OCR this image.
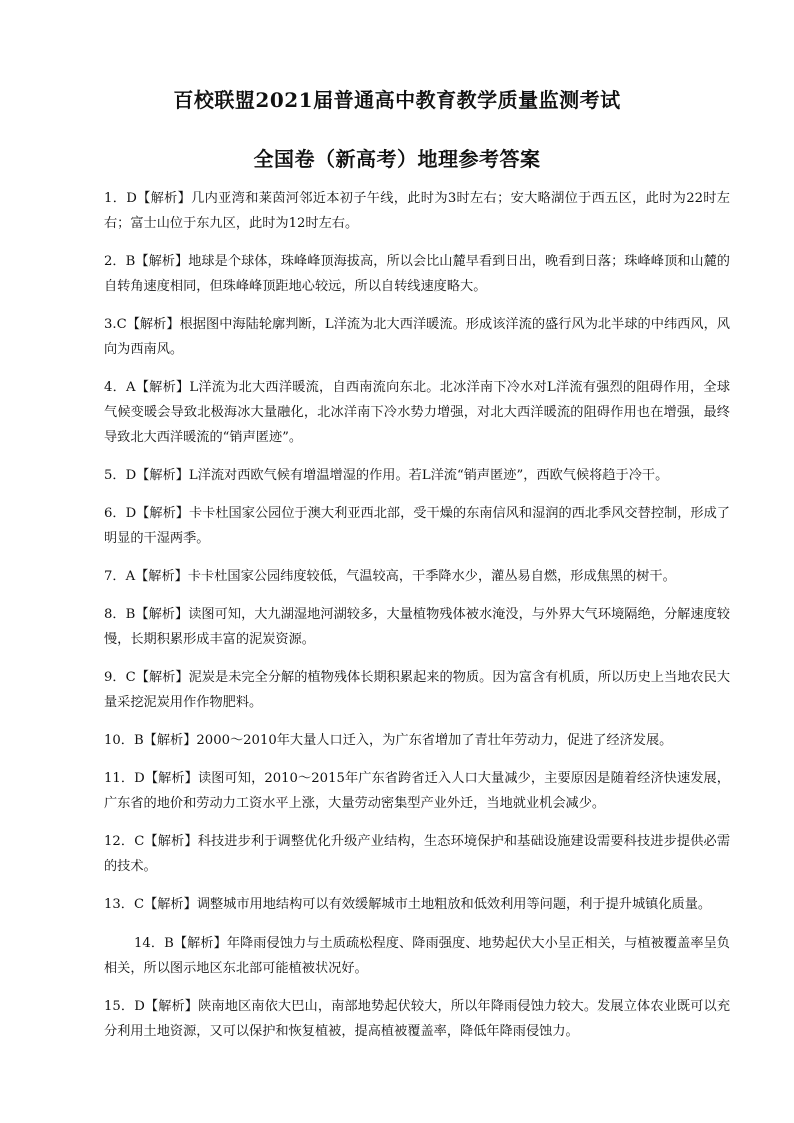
百校联盟2021届普通高中教育教学质量监测考试
全国卷（新高考）地理参考答案

1．D【解析】几内亚湾和莱茵河邻近本初子午线，此时为3时左右；安大略湖位于西五区，此时为22时左右；富士山位于东九区，此时为12时左右。

2．B【解析】地球是个球体，珠峰峰顶海拔高，所以会比山麓早看到日出，晚看到日落；珠峰峰顶和山麓的自转角速度相同，但珠峰峰顶距地心较远，所以自转线速度略大。

3.C【解析】根据图中海陆轮廓判断，L洋流为北大西洋暖流。形成该洋流的盛行风为北半球的中纬西风，风向为西南风。

4．A【解析】L洋流为北大西洋暖流，自西南流向东北。北冰洋南下冷水对L洋流有强烈的阻碍作用，全球气候变暖会导致北极海冰大量融化，北冰洋南下冷水势力增强，对北大西洋暖流的阻碍作用也在增强，最终导致北大西洋暖流的“销声匿迹”。

5．D【解析】L洋流对西欧气候有增温增湿的作用。若L洋流“销声匿迹”，西欧气候将趋于冷干。

6．D【解析】卡卡杜国家公园位于澳大利亚西北部，受干燥的东南信风和湿润的西北季风交替控制，形成了明显的干湿两季。

7．A【解析】卡卡杜国家公园纬度较低，气温较高，干季降水少，灌丛易自燃，形成焦黑的树干。

8．B【解析】读图可知，大九湖湿地河湖较多，大量植物残体被水淹没，与外界大气环境隔绝，分解速度较慢，长期积累形成丰富的泥炭资源。

9．C【解析】泥炭是未完全分解的植物残体长期积累起来的物质。因为富含有机质，所以历史上当地农民大量采挖泥炭用作作物肥料。

10．B【解析】2000～2010年大量人口迁入，为广东省增加了青壮年劳动力，促进了经济发展。

11．D【解析】读图可知，2010～2015年广东省跨省迁入人口大量减少，主要原因是随着经济快速发展，广东省的地价和劳动力工资水平上涨，大量劳动密集型产业外迁，当地就业机会减少。

12．C【解析】科技进步利于调整优化升级产业结构，生态环境保护和基础设施建设需要科技进步提供必需的技术。

13．C【解析】调整城市用地结构可以有效缓解城市土地粗放和低效利用等问题，利于提升城镇化质量。

14．B【解析】年降雨侵蚀力与土质疏松程度、降雨强度、地势起伏大小呈正相关，与植被覆盖率呈负相关，所以图示地区东北部可能植被状况好。

15．D【解析】陕南地区南依大巴山，南部地势起伏较大，所以年降雨侵蚀力较大。发展立体农业既可以充分利用土地资源，又可以保护和恢复植被，提高植被覆盖率，降低年降雨侵蚀力。
